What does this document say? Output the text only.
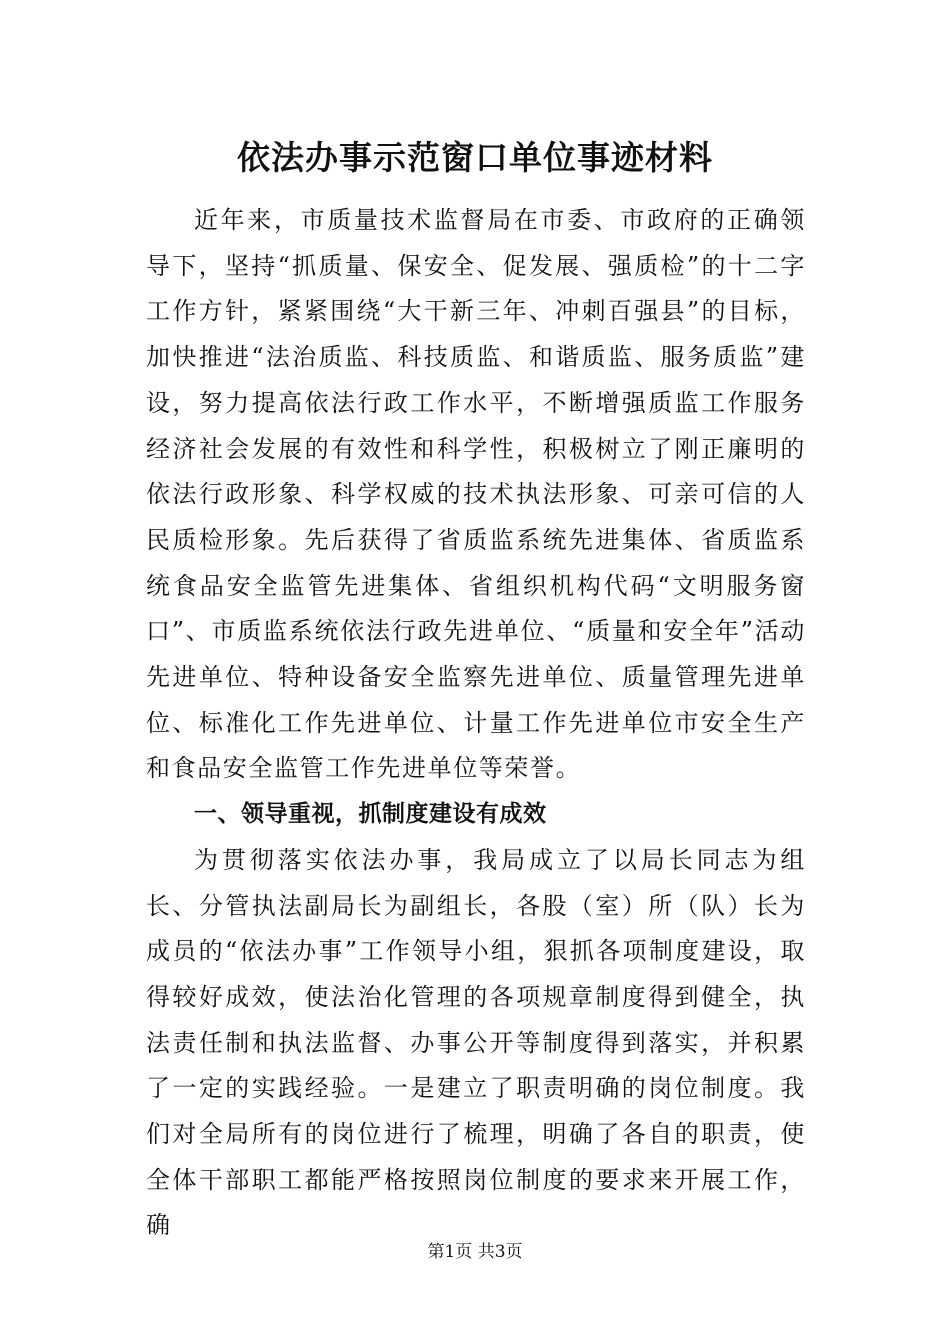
依法办事示范窗口单位事迹材料

近年来，市质量技术监督局在市委、市政府的正确领导下，坚持“抓质量、保安全、促发展、强质检”的十二字工作方针，紧紧围绕“大干新三年、冲刺百强县”的目标，加快推进“法治质监、科技质监、和谐质监、服务质监”建设，努力提高依法行政工作水平，不断增强质监工作服务经济社会发展的有效性和科学性，积极树立了刚正廉明的依法行政形象、科学权威的技术执法形象、可亲可信的人民质检形象。先后获得了省质监系统先进集体、省质监系统食品安全监管先进集体、省组织机构代码“文明服务窗口”、市质监系统依法行政先进单位、“质量和安全年”活动先进单位、特种设备安全监察先进单位、质量管理先进单位、标准化工作先进单位、计量工作先进单位市安全生产和食品安全监管工作先进单位等荣誉。

一、领导重视，抓制度建设有成效

为贯彻落实依法办事，我局成立了以局长同志为组长、分管执法副局长为副组长，各股（室）所（队）长为成员的“依法办事”工作领导小组，狠抓各项制度建设，取得较好成效，使法治化管理的各项规章制度得到健全，执法责任制和执法监督、办事公开等制度得到落实，并积累了一定的实践经验。一是建立了职责明确的岗位制度。我们对全局所有的岗位进行了梳理，明确了各自的职责，使全体干部职工都能严格按照岗位制度的要求来开展工作，确

第1页 共3页
